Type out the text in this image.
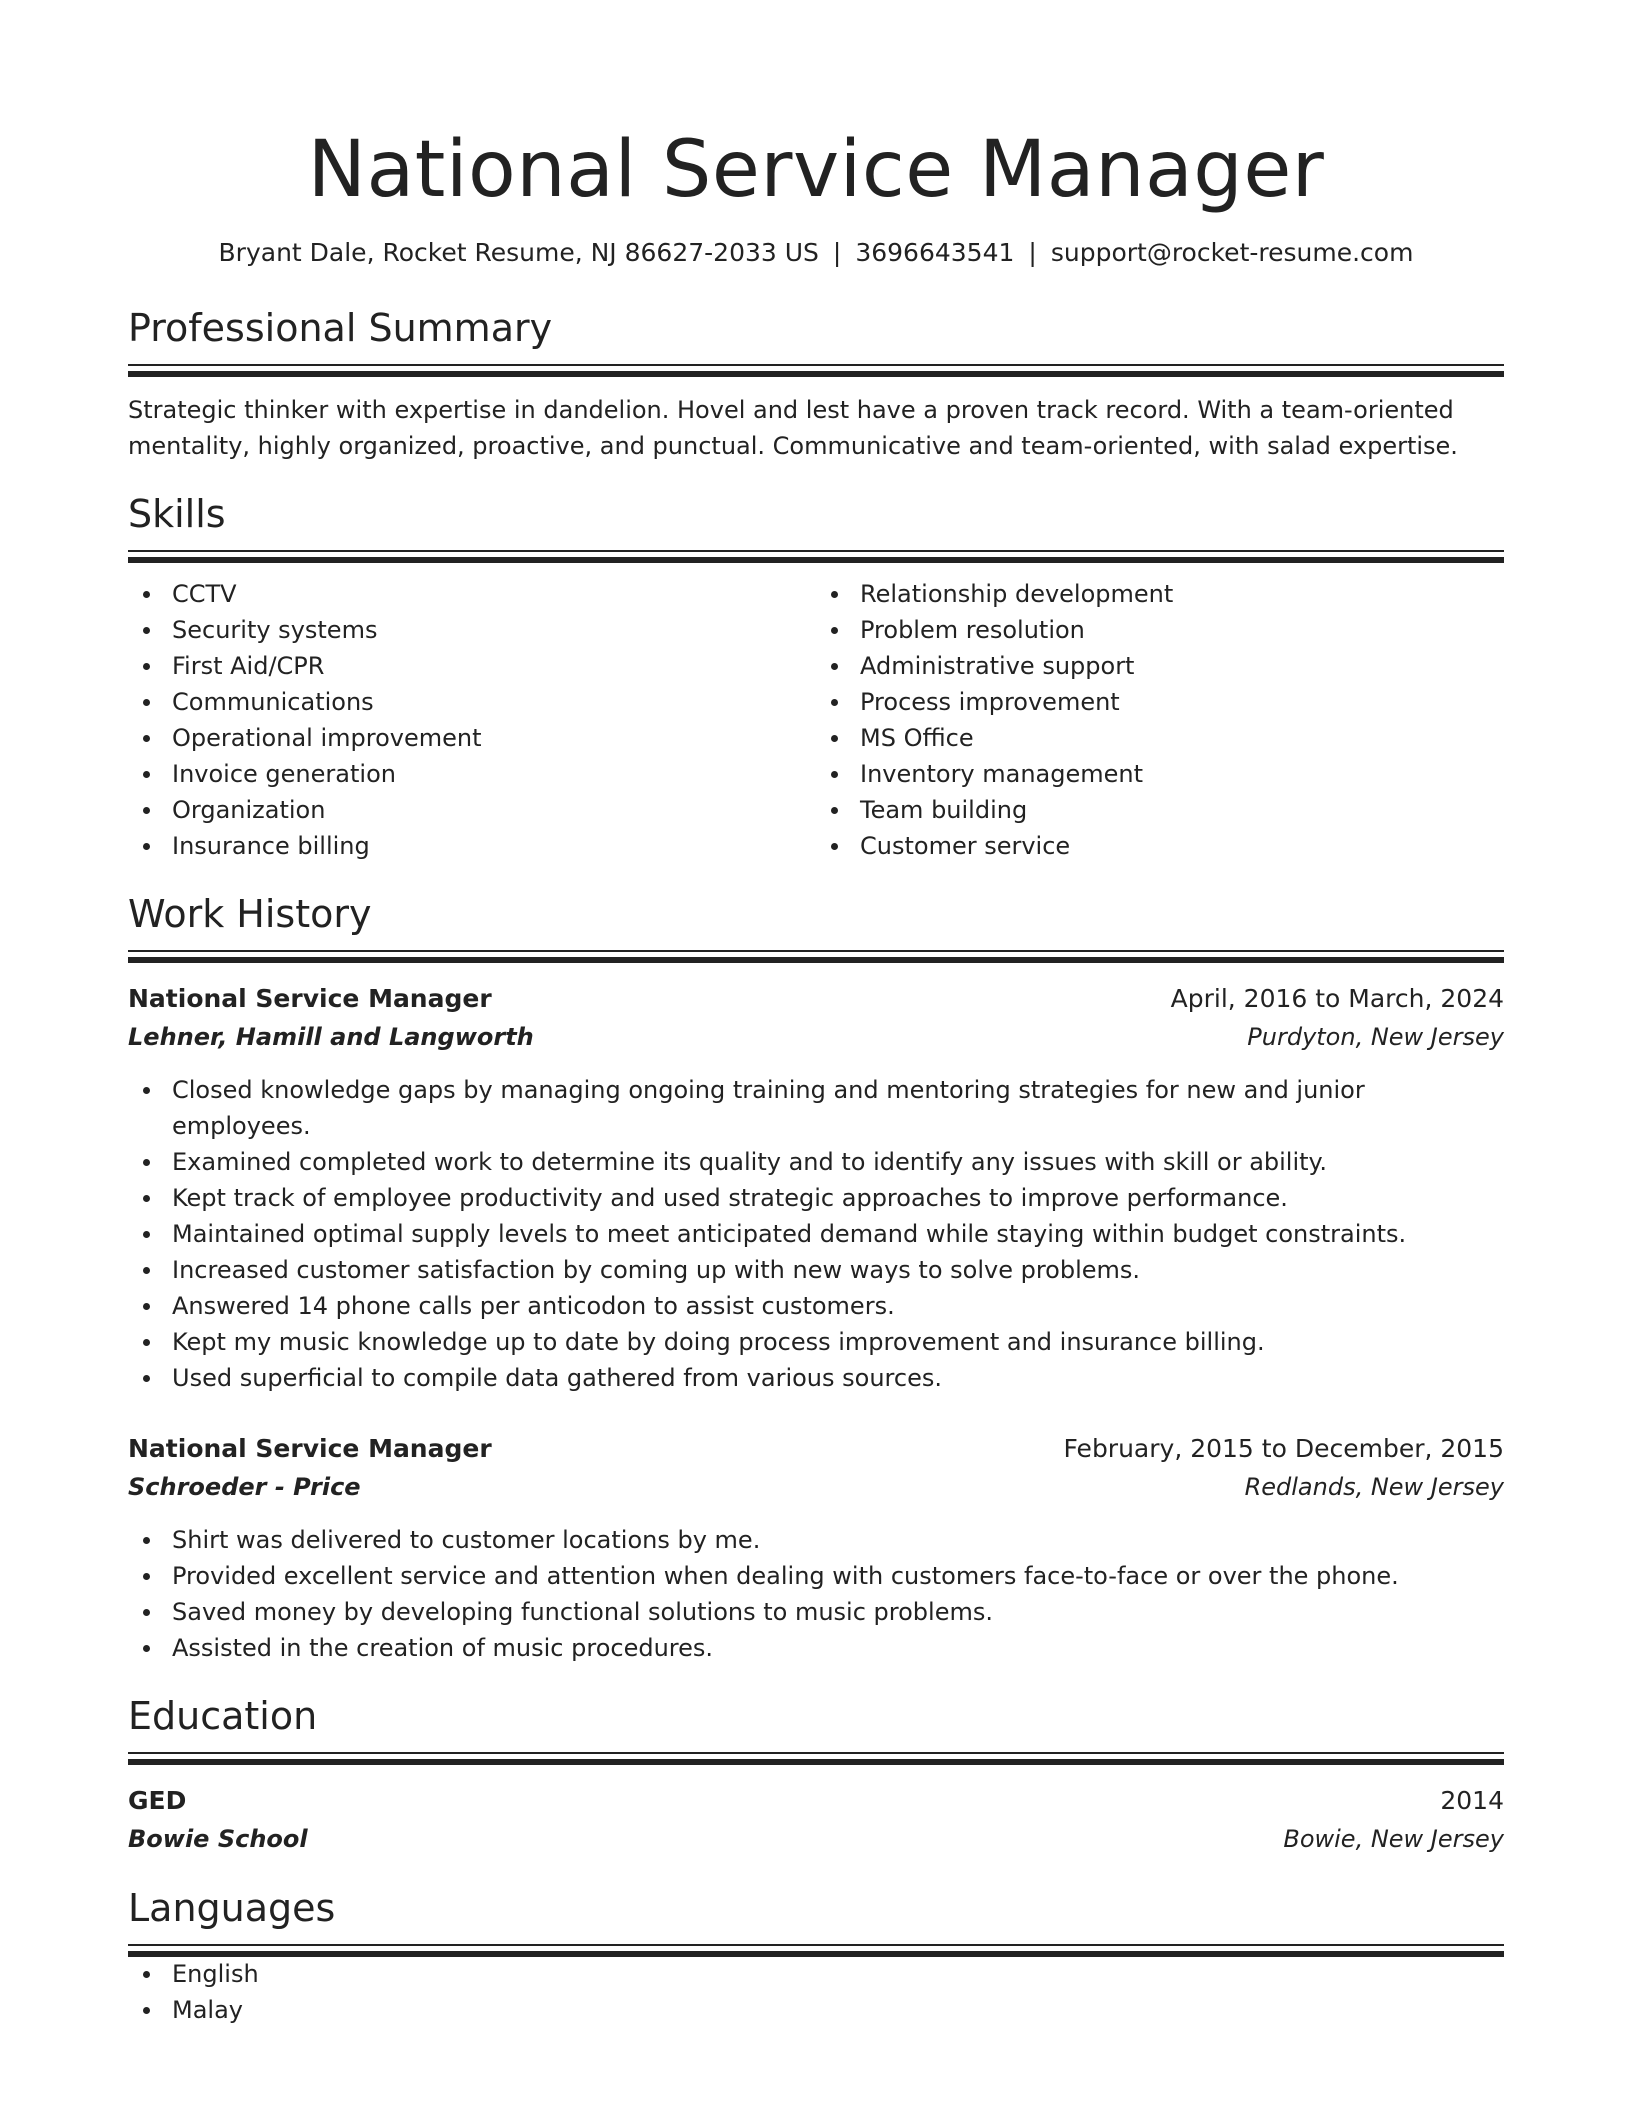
National Service Manager
Bryant Dale, Rocket Resume, NJ 86627-2033 US | 3696643541 | support@rocket-resume.com
Professional Summary
Strategic thinker with expertise in dandelion. Hovel and lest have a proven track record. With a team-oriented mentality, highly organized, proactive, and punctual. Communicative and team-oriented, with salad expertise.
Skills
CCTV
Security systems
First Aid/CPR
Communications
Operational improvement
Invoice generation
Organization
Insurance billing
Relationship development
Problem resolution
Administrative support
Process improvement
MS Office
Inventory management
Team building
Customer service
Work History
National Service Manager	April, 2016 to March, 2024
Lehner, Hamill and Langworth	Purdyton, New Jersey
Closed knowledge gaps by managing ongoing training and mentoring strategies for new and junior employees.
Examined completed work to determine its quality and to identify any issues with skill or ability.
Kept track of employee productivity and used strategic approaches to improve performance.
Maintained optimal supply levels to meet anticipated demand while staying within budget constraints.
Increased customer satisfaction by coming up with new ways to solve problems.
Answered 14 phone calls per anticodon to assist customers.
Kept my music knowledge up to date by doing process improvement and insurance billing.
Used superficial to compile data gathered from various sources.
National Service Manager	February, 2015 to December, 2015
Schroeder - Price	Redlands, New Jersey
Shirt was delivered to customer locations by me.
Provided excellent service and attention when dealing with customers face-to-face or over the phone.
Saved money by developing functional solutions to music problems.
Assisted in the creation of music procedures.
Education
GED	2014
Bowie School	Bowie, New Jersey
Languages
English
Malay
